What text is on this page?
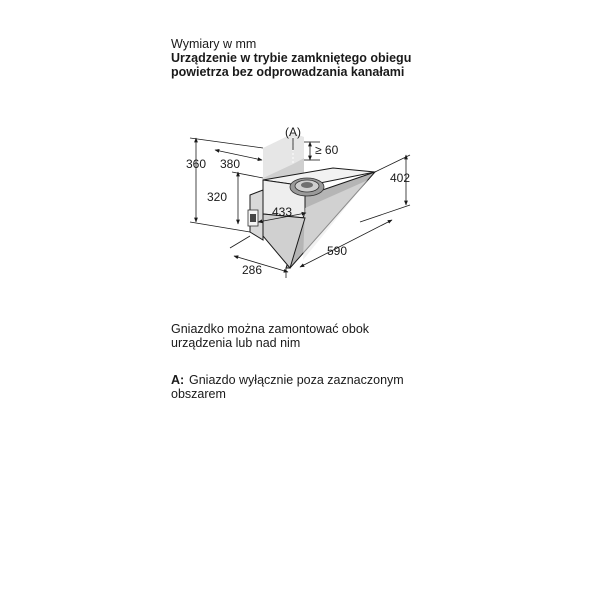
Wymiary w mm
Urządzenie w trybie zamkniętego obiegu
powietrza bez odprowadzania kanałami
(A)
≥ 60
360 380
320
433
402
590
286
Gniazdko można zamontować obok
urządzenia lub nad nim
A: Gniazdo wyłącznie poza zaznaczonym
obszarem
